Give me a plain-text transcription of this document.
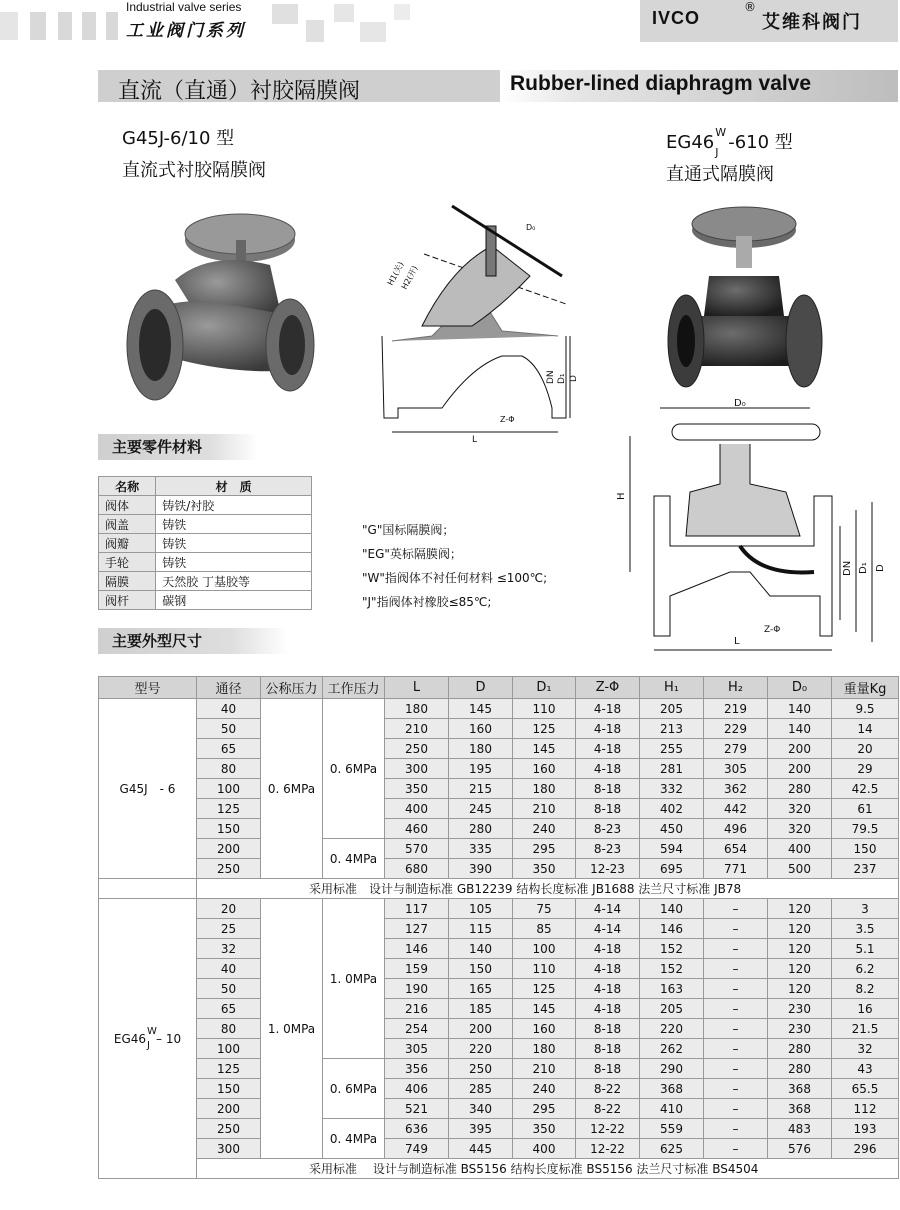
Industrial valve series
工业阀门系列
IVCO
®
艾维科阀门
直流（直通）衬胶隔膜阀	Rubber-lined diaphragm valve
G45J-6/10 型
直流式衬胶隔膜阀
EG46 W
J -610 型
直通式隔膜阀
L
DN D₁ D
Z-Φ
H1(关)
H2(开)
D₀
D₀
H
L
DN D₁ D
Z-Φ
主要零件材料
名称	材　质
阀体	铸铁/衬胶
阀盖	铸铁
阀瓣	铸铁
手轮	铸铁
隔膜	天然胶 丁基胶等
阀杆	碳钢
"G"国标隔膜阀；
"EG"英标隔膜阀；
"W"指阀体不衬任何材料 ≤100℃;
"J"指阀体衬橡胶≤85℃;
主要外型尺寸
型号	通径	公称压力	工作压力	L	D	D₁	Z-Φ	H₁	H₂	D₀	重量Kg
G45J　- 6	40	0. 6MPa	0. 6MPa	180	145	110	4-18	205	219	140	9.5
	50			210	160	125	4-18	213	229	140	14
	65			250	180	145	4-18	255	279	200	20
	80			300	195	160	4-18	281	305	200	29
	100			350	215	180	8-18	332	362	280	42.5
	125			400	245	210	8-18	402	442	320	61
	150			460	280	240	8-23	450	496	320	79.5
	200		0. 4MPa	570	335	295	8-23	594	654	400	150
	250			680	390	350	12-23	695	771	500	237
	采用标准　设计与制造标准 GB12239 结构长度标准 JB1688 法兰尺寸标准 JB78										
EG46
W
J – 10	20	1. 0MPa	1. 0MPa	117	105	75	4-14	140	–	120	3
	25			127	115	85	4-14	146	–	120	3.5
	32			146	140	100	4-18	152	–	120	5.1
	40			159	150	110	4-18	152	–	120	6.2
	50			190	165	125	4-18	163	–	120	8.2
	65			216	185	145	4-18	205	–	230	16
	80			254	200	160	8-18	220	–	230	21.5
	100			305	220	180	8-18	262	–	280	32
	125		0. 6MPa	356	250	210	8-18	290	–	280	43
	150			406	285	240	8-22	368	–	368	65.5
	200			521	340	295	8-22	410	–	368	112
	250		0. 4MPa	636	395	350	12-22	559	–	483	193
	300			749	445	400	12-22	625	–	576	296
	采用标准　 设计与制造标准 BS5156 结构长度标准 BS5156 法兰尺寸标准 BS4504										
